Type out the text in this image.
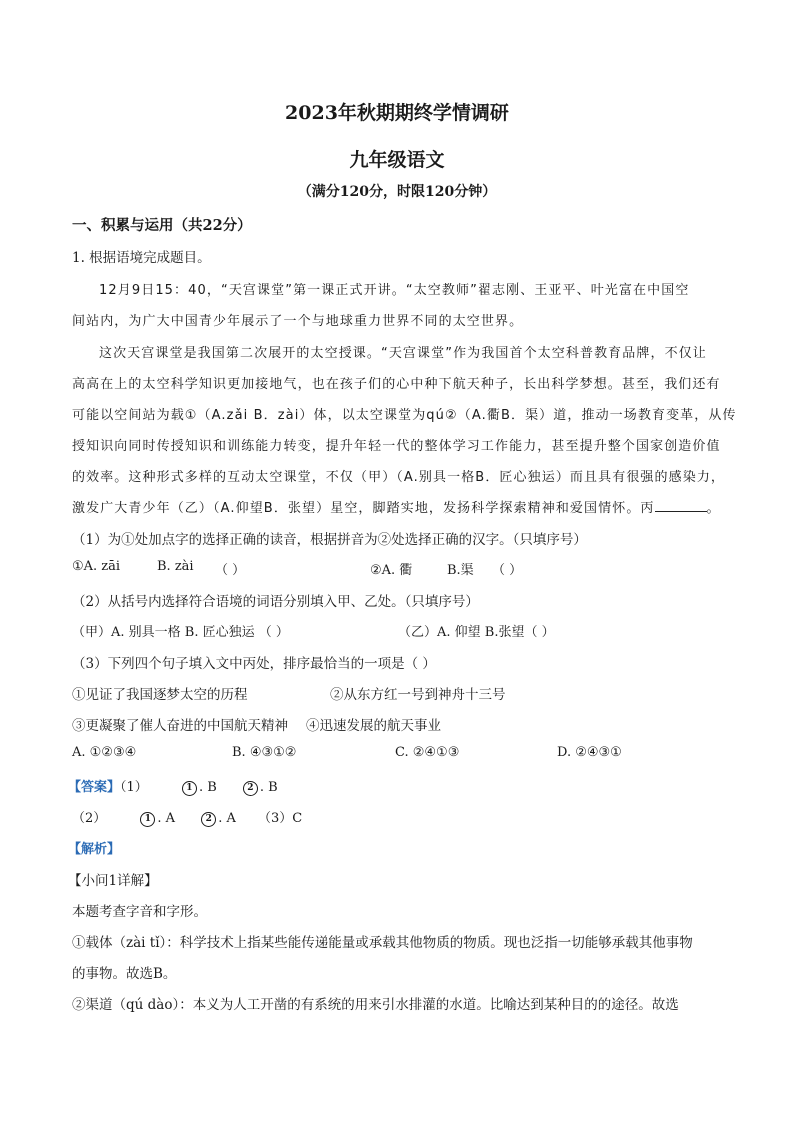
2023年秋期期终学情调研
九年级语文
（满分120分，时限120分钟）
一、积累与运用（共22分）
1. 根据语境完成题目。
12月9日15：40，“天宫课堂”第一课正式开讲。“太空教师”翟志刚、王亚平、叶光富在中国空
间站内，为广大中国青少年展示了一个与地球重力世界不同的太空世界。
这次天宫课堂是我国第二次展开的太空授课。“天宫课堂”作为我国首个太空科普教育品牌，不仅让
高高在上的太空科学知识更加接地气，也在孩子们的心中种下航天种子，长出科学梦想。甚至，我们还有
可能以空间站为载①（A.zǎi B．zài）体，以太空课堂为qú②（A.衢B．渠）道，推动一场教育变革，从传
授知识向同时传授知识和训练能力转变，提升年轻一代的整体学习工作能力，甚至提升整个国家创造价值
的效率。这种形式多样的互动太空课堂，不仅（甲）（A.别具一格B．匠心独运）而且具有很强的感染力，
激发广大青少年（乙）（A.仰望B．张望）星空，脚踏实地，发扬科学探索精神和爱国情怀。丙	。
（1）为①处加点字的选择正确的读音，根据拼音为②处选择正确的汉字。（只填序号）
①A. zāi	B. zài （ ）	②A. 衢	B.渠 （ ）
（2）从括号内选择符合语境的词语分别填入甲、乙处。（只填序号）
（甲）A. 别具一格 B. 匠心独运 （ ）	（乙）A. 仰望 B.张望（ ）
（3）下列四个句子填入文中丙处，排序最恰当的一项是（ ）
①见证了我国逐梦太空的历程	②从东方红一号到神舟十三号
③更凝聚了催人奋进的中国航天精神 ④迅速发展的航天事业
A. ①②③④	B. ④③①②	C. ②④①③	D. ②④③①
【答案】（1）	1 . B	2 . B
（2）	1 . A	2 . A （3）C
【解析】
【小问1详解】
本题考查字音和字形。
①载体（zài tǐ）：科学技术上指某些能传递能量或承载其他物质的物质。现也泛指一切能够承载其他事物
的事物。故选B。
②渠道（qú dào）：本义为人工开凿的有系统的用来引水排灌的水道。比喻达到某种目的的途径。故选
